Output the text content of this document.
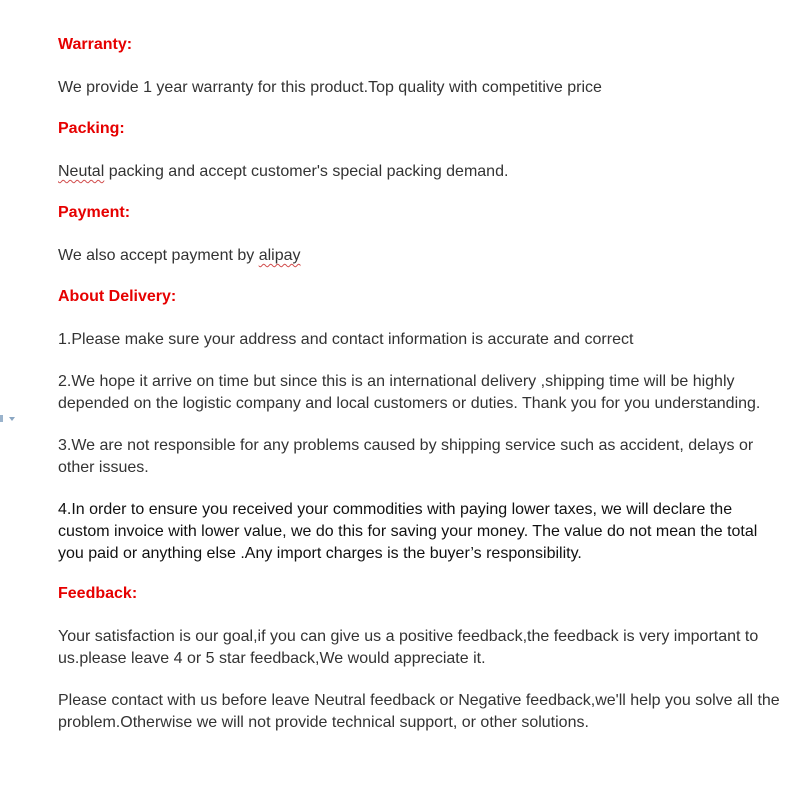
Warranty:
We provide 1 year warranty for this product.Top quality with competitive price
Packing:
Neutal packing and accept customer's special packing demand.
Payment:
We also accept payment by alipay
About Delivery:
1.Please make sure your address and contact information is accurate and correct
2.We hope it arrive on time but since this is an international delivery ,shipping time will be highly depended on the logistic company and local customers or duties. Thank you for you understanding.
3.We are not responsible for any problems caused by shipping service such as accident, delays or other issues.
4.In order to ensure you received your commodities with paying lower taxes, we will declare the custom invoice with lower value, we do this for saving your money. The value do not mean the total you paid or anything else .Any import charges is the buyer’s responsibility.
Feedback:
Your satisfaction is our goal,if you can give us a positive feedback,the feedback is very important to us.please leave 4 or 5 star feedback,We would appreciate it.
Please contact with us before leave Neutral feedback or Negative feedback,we'll help you solve all the problem.Otherwise we will not provide technical support, or other solutions.
